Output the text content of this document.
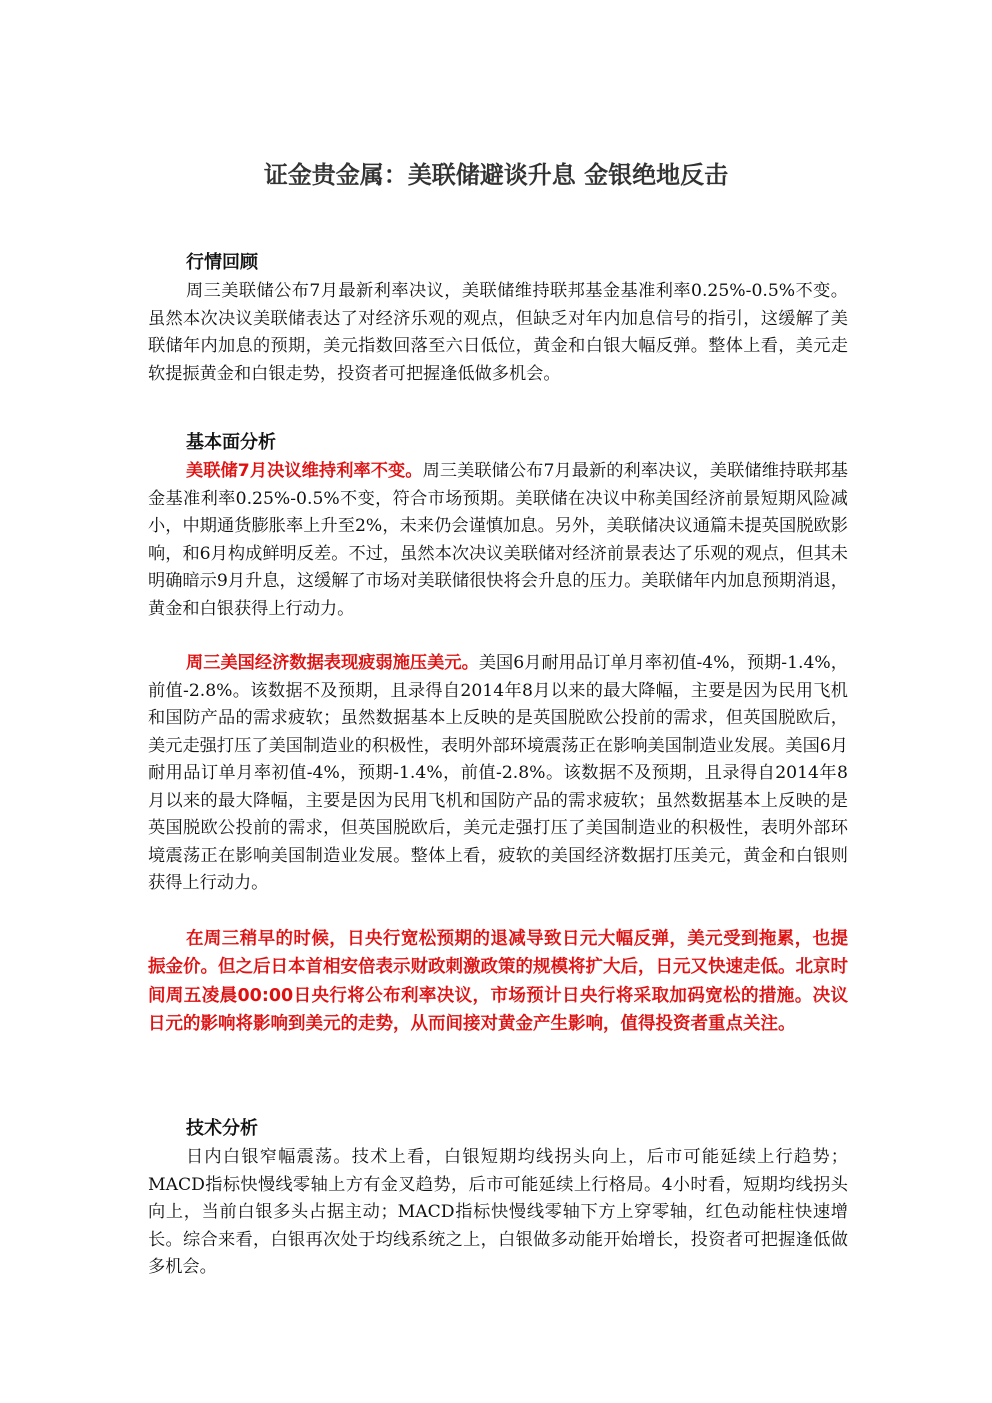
证金贵金属：美联储避谈升息 金银绝地反击
行情回顾

周三美联储公布7月最新利率决议，美联储维持联邦基金基准利率0.25%-0.5%不变。虽然本次决议美联储表达了对经济乐观的观点，但缺乏对年内加息信号的指引，这缓解了美联储年内加息的预期，美元指数回落至六日低位，黄金和白银大幅反弹。整体上看，美元走软提振黄金和白银走势，投资者可把握逢低做多机会。

基本面分析

美联储7月决议维持利率不变。周三美联储公布7月最新的利率决议，美联储维持联邦基金基准利率0.25%-0.5%不变，符合市场预期。美联储在决议中称美国经济前景短期风险减小，中期通货膨胀率上升至2%，未来仍会谨慎加息。另外，美联储决议通篇未提英国脱欧影响，和6月构成鲜明反差。不过，虽然本次决议美联储对经济前景表达了乐观的观点，但其未明确暗示9月升息，这缓解了市场对美联储很快将会升息的压力。美联储年内加息预期消退，黄金和白银获得上行动力。

周三美国经济数据表现疲弱施压美元。美国6月耐用品订单月率初值-4%，预期-1.4%，前值-2.8%。该数据不及预期，且录得自2014年8月以来的最大降幅，主要是因为民用飞机和国防产品的需求疲软；虽然数据基本上反映的是英国脱欧公投前的需求，但英国脱欧后，美元走强打压了美国制造业的积极性，表明外部环境震荡正在影响美国制造业发展。美国6月耐用品订单月率初值-4%，预期-1.4%，前值-2.8%。该数据不及预期，且录得自2014年8月以来的最大降幅，主要是因为民用飞机和国防产品的需求疲软；虽然数据基本上反映的是英国脱欧公投前的需求，但英国脱欧后，美元走强打压了美国制造业的积极性，表明外部环境震荡正在影响美国制造业发展。整体上看，疲软的美国经济数据打压美元，黄金和白银则获得上行动力。

在周三稍早的时候，日央行宽松预期的退减导致日元大幅反弹，美元受到拖累，也提振金价。但之后日本首相安倍表示财政刺激政策的规模将扩大后，日元又快速走低。北京时间周五凌晨00:00日央行将公布利率决议，市场预计日央行将采取加码宽松的措施。决议日元的影响将影响到美元的走势，从而间接对黄金产生影响，值得投资者重点关注。

技术分析

日内白银窄幅震荡。技术上看，白银短期均线拐头向上，后市可能延续上行趋势；MACD指标快慢线零轴上方有金叉趋势，后市可能延续上行格局。4小时看，短期均线拐头向上，当前白银多头占据主动；MACD指标快慢线零轴下方上穿零轴，红色动能柱快速增长。综合来看，白银再次处于均线系统之上，白银做多动能开始增长，投资者可把握逢低做多机会。
